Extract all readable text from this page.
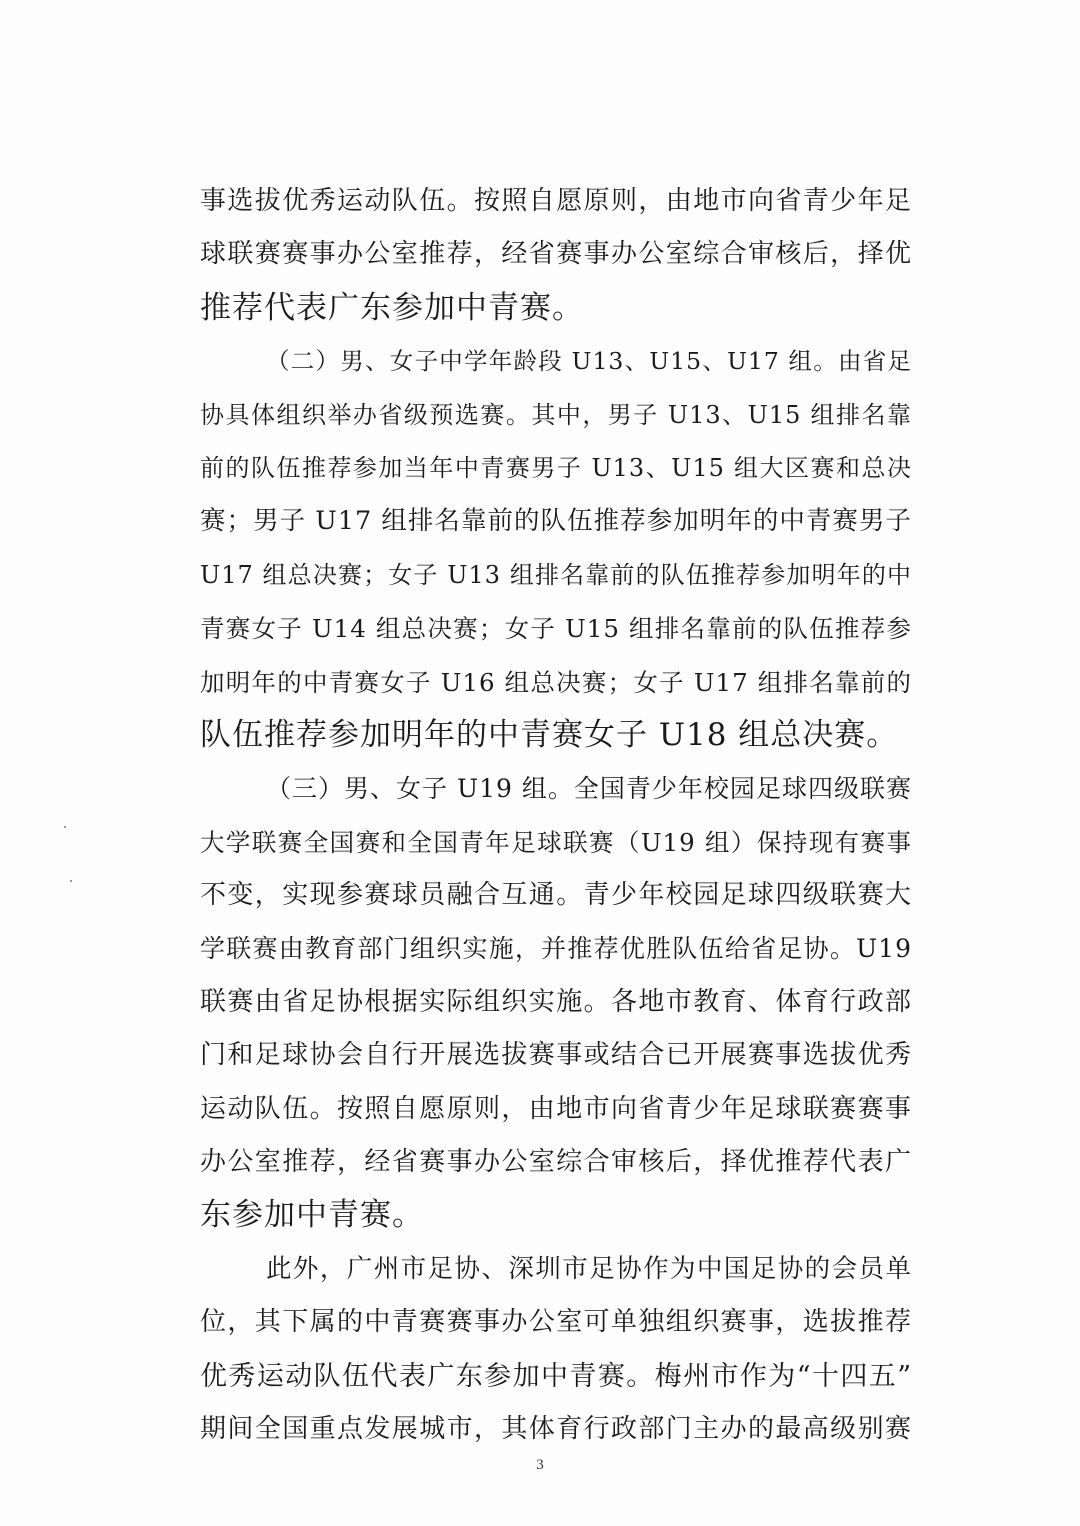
事选拔优秀运动队伍。按照自愿原则，由地市向省青少年足
球联赛赛事办公室推荐，经省赛事办公室综合审核后，择优
推荐代表广东参加中青赛。
（二）男、女子中学年龄段 U13、U15、U17 组。由省足
协具体组织举办省级预选赛。其中，男子 U13、U15 组排名靠
前的队伍推荐参加当年中青赛男子 U13、U15 组大区赛和总决
赛；男子 U17 组排名靠前的队伍推荐参加明年的中青赛男子
U17 组总决赛；女子 U13 组排名靠前的队伍推荐参加明年的中
青赛女子 U14 组总决赛；女子 U15 组排名靠前的队伍推荐参
加明年的中青赛女子 U16 组总决赛；女子 U17 组排名靠前的
队伍推荐参加明年的中青赛女子 U18 组总决赛。
（三）男、女子 U19 组。全国青少年校园足球四级联赛
大学联赛全国赛和全国青年足球联赛（U19 组）保持现有赛事
不变，实现参赛球员融合互通。青少年校园足球四级联赛大
学联赛由教育部门组织实施，并推荐优胜队伍给省足协。U19
联赛由省足协根据实际组织实施。各地市教育、体育行政部
门和足球协会自行开展选拔赛事或结合已开展赛事选拔优秀
运动队伍。按照自愿原则，由地市向省青少年足球联赛赛事
办公室推荐，经省赛事办公室综合审核后，择优推荐代表广
东参加中青赛。
此外，广州市足协、深圳市足协作为中国足协的会员单
位，其下属的中青赛赛事办公室可单独组织赛事，选拔推荐
优秀运动队伍代表广东参加中青赛。梅州市作为“十四五”
期间全国重点发展城市，其体育行政部门主办的最高级别赛
3
